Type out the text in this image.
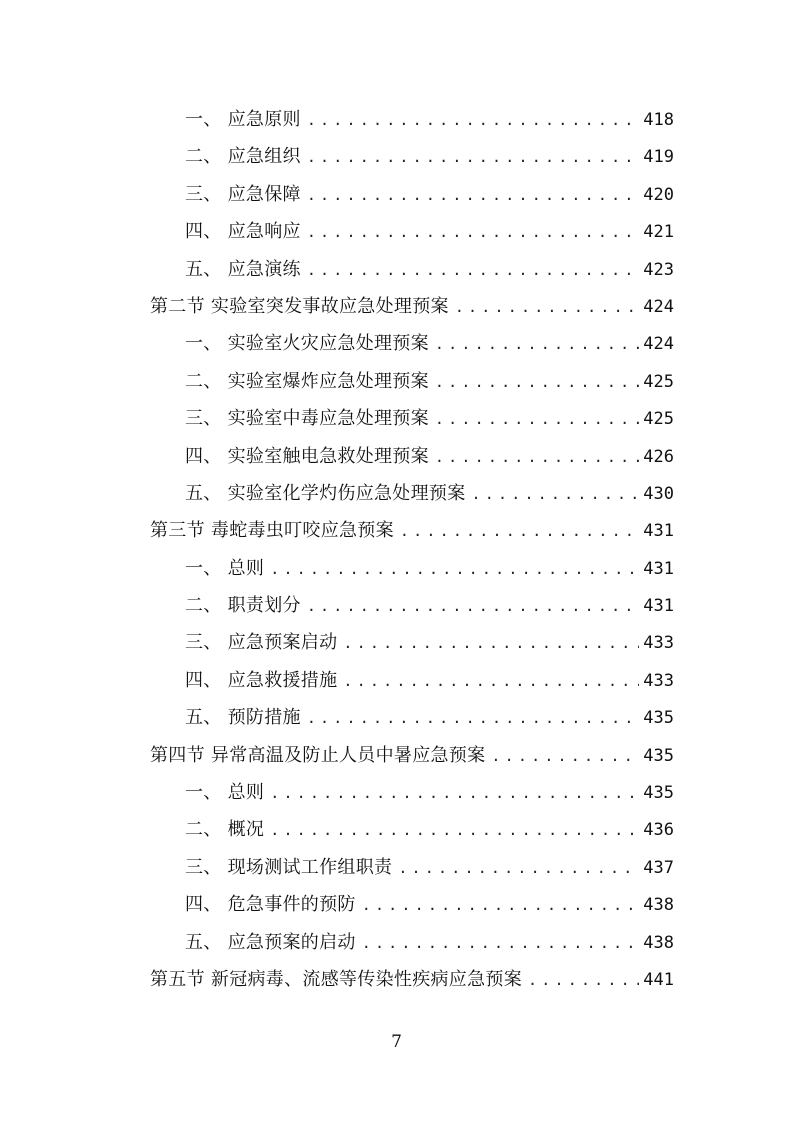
一、 应急原则 .....	418
二、 应急组织 .....	419
三、 应急保障 .....	420
四、 应急响应 .....	421
五、 应急演练 .....	423
第二节 实验室突发事故应急处理预案 .....	424
一、 实验室火灾应急处理预案 .....	424
二、 实验室爆炸应急处理预案 .....	425
三、 实验室中毒应急处理预案 .....	425
四、 实验室触电急救处理预案 .....	426
五、 实验室化学灼伤应急处理预案 .....	430
第三节 毒蛇毒虫叮咬应急预案 .....	431
一、 总则 .....	431
二、 职责划分 .....	431
三、 应急预案启动 .....	433
四、 应急救援措施 .....	433
五、 预防措施 .....	435
第四节 异常高温及防止人员中暑应急预案 .....	435
一、 总则 .....	435
二、 概况 .....	436
三、 现场测试工作组职责 .....	437
四、 危急事件的预防 .....	438
五、 应急预案的启动 .....	438
第五节 新冠病毒、流感等传染性疾病应急预案 .....	441
7
